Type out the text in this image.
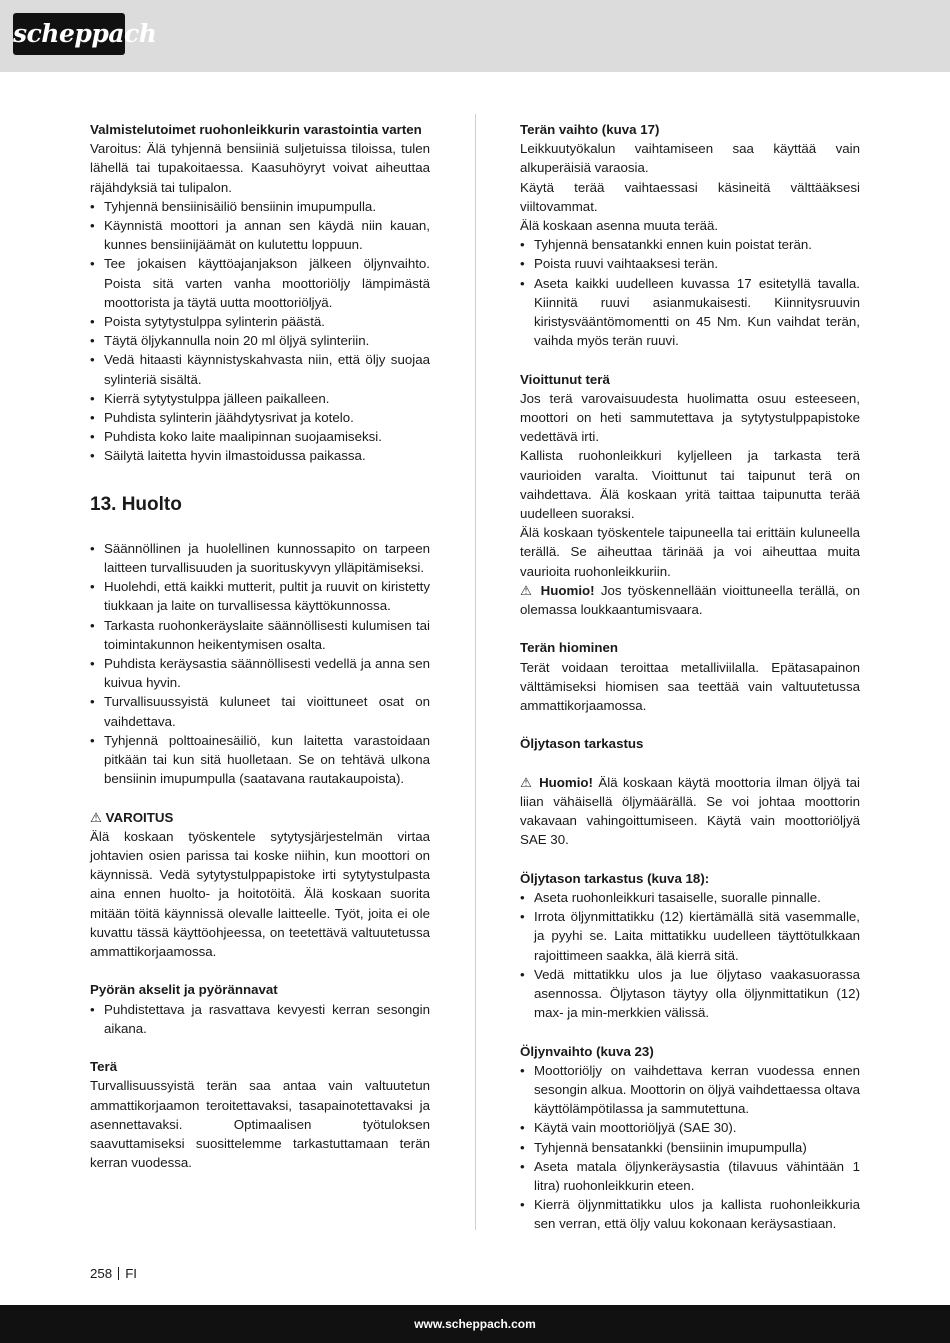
scheppach

Valmistelutoimet ruohonleikkurin varastointia varten

Varoitus: Älä tyhjennä bensiiniä suljetuissa tiloissa, tulen lähellä tai tupakoitaessa. Kaasuhöyryt voivat aiheuttaa räjähdyksiä tai tulipalon.

• Tyhjennä bensiinisäiliö bensiinin imupumpulla.
• Käynnistä moottori ja annan sen käydä niin kauan, kunnes bensiinijäämät on kulutettu loppuun.
• Tee jokaisen käyttöajanjakson jälkeen öljynvaihto. Poista sitä varten vanha moottoriöljy lämpimästä moottorista ja täytä uutta moottoriöljyä.
• Poista sytytystulppa sylinterin päästä.
• Täytä öljykannulla noin 20 ml öljyä sylinteriin.
• Vedä hitaasti käynnistyskahvasta niin, että öljy suojaa sylinteriä sisältä.
• Kierrä sytytystulppa jälleen paikalleen.
• Puhdista sylinterin jäähdytysrivat ja kotelo.
• Puhdista koko laite maalipinnan suojaamiseksi.
• Säilytä laitetta hyvin ilmastoidussa paikassa.
13. Huolto
• Säännöllinen ja huolellinen kunnossapito on tarpeen laitteen turvallisuuden ja suorituskyvyn ylläpitämiseksi.
• Huolehdi, että kaikki mutterit, pultit ja ruuvit on kiristetty tiukkaan ja laite on turvallisessa käyttökunnossa.
• Tarkasta ruohonkeräyslaite säännöllisesti kulumisen tai toimintakunnon heikentymisen osalta.
• Puhdista keräysastia säännöllisesti vedellä ja anna sen kuivua hyvin.
• Turvallisuussyistä kuluneet tai vioittuneet osat on vaihdettava.
• Tyhjennä polttoainesäiliö, kun laitetta varastoidaan pitkään tai kun sitä huolletaan. Se on tehtävä ulkona bensiinin imupumpulla (saatavana rautakaupoista).

⚠ VAROITUS

Älä koskaan työskentele sytytysjärjestelmän virtaa johtavien osien parissa tai koske niihin, kun moottori on käynnissä. Vedä sytytystulppapistoke irti sytytystulpasta aina ennen huolto- ja hoitotöitä. Älä koskaan suorita mitään töitä käynnissä olevalle laitteelle. Työt, joita ei ole kuvattu tässä käyttöohjeessa, on teetettävä valtuutetussa ammattikorjaamossa.

Pyörän akselit ja pyörännavat

• Puhdistettava ja rasvattava kevyesti kerran sesongin aikana.

Terä

Turvallisuussyistä terän saa antaa vain valtuutetun ammattikorjaamon teroitettavaksi, tasapainotettavaksi ja asennettavaksi. Optimaalisen työtuloksen saavuttamiseksi suosittelemme tarkastuttamaan terän kerran vuodessa.

Terän vaihto (kuva 17)

Leikkuutyökalun vaihtamiseen saa käyttää vain alkuperäisiä varaosia.

Käytä terää vaihtaessasi käsineitä välttääksesi viiltovammat.

Älä koskaan asenna muuta terää.

• Tyhjennä bensatankki ennen kuin poistat terän.
• Poista ruuvi vaihtaaksesi terän.
• Aseta kaikki uudelleen kuvassa 17 esitetyllä tavalla. Kiinnitä ruuvi asianmukaisesti. Kiinnitysruuvin kiristysvääntömomentti on 45 Nm. Kun vaihdat terän, vaihda myös terän ruuvi.

Vioittunut terä

Jos terä varovaisuudesta huolimatta osuu esteeseen, moottori on heti sammutettava ja sytytystulppapistoke vedettävä irti.

Kallista ruohonleikkuri kyljelleen ja tarkasta terä vaurioiden varalta. Vioittunut tai taipunut terä on vaihdettava. Älä koskaan yritä taittaa taipunutta terää uudelleen suoraksi.

Älä koskaan työskentele taipuneella tai erittäin kuluneella terällä. Se aiheuttaa tärinää ja voi aiheuttaa muita vaurioita ruohonleikkuriin.

⚠ Huomio! Jos työskennellään vioittuneella terällä, on olemassa loukkaantumisvaara.

Terän hiominen

Terät voidaan teroittaa metalliviilalla. Epätasapainon välttämiseksi hiomisen saa teettää vain valtuutetussa ammattikorjaamossa.

Öljytason tarkastus

⚠ Huomio! Älä koskaan käytä moottoria ilman öljyä tai liian vähäisellä öljymäärällä. Se voi johtaa moottorin vakavaan vahingoittumiseen. Käytä vain moottoriöljyä SAE 30.

Öljytason tarkastus (kuva 18):

• Aseta ruohonleikkuri tasaiselle, suoralle pinnalle.
• Irrota öljynmittatikku (12) kiertämällä sitä vasemmalle, ja pyyhi se. Laita mittatikku uudelleen täyttötulkkaan rajoittimeen saakka, älä kierrä sitä.
• Vedä mittatikku ulos ja lue öljytaso vaakasuorassa asennossa. Öljytason täytyy olla öljynmittatikun (12) max- ja min-merkkien välissä.

Öljynvaihto (kuva 23)

• Moottoriöljy on vaihdettava kerran vuodessa ennen sesongin alkua. Moottorin on öljyä vaihdettaessa oltava käyttölämpötilassa ja sammutettuna.
• Käytä vain moottoriöljyä (SAE 30).
• Tyhjennä bensatankki (bensiinin imupumpulla)
• Aseta matala öljynkeräysastia (tilavuus vähintään 1 litra) ruohonleikkurin eteen.
• Kierrä öljynmittatikku ulos ja kallista ruohonleikkuria sen verran, että öljy valuu kokonaan keräysastiaan.
258 FI
www.scheppach.com
